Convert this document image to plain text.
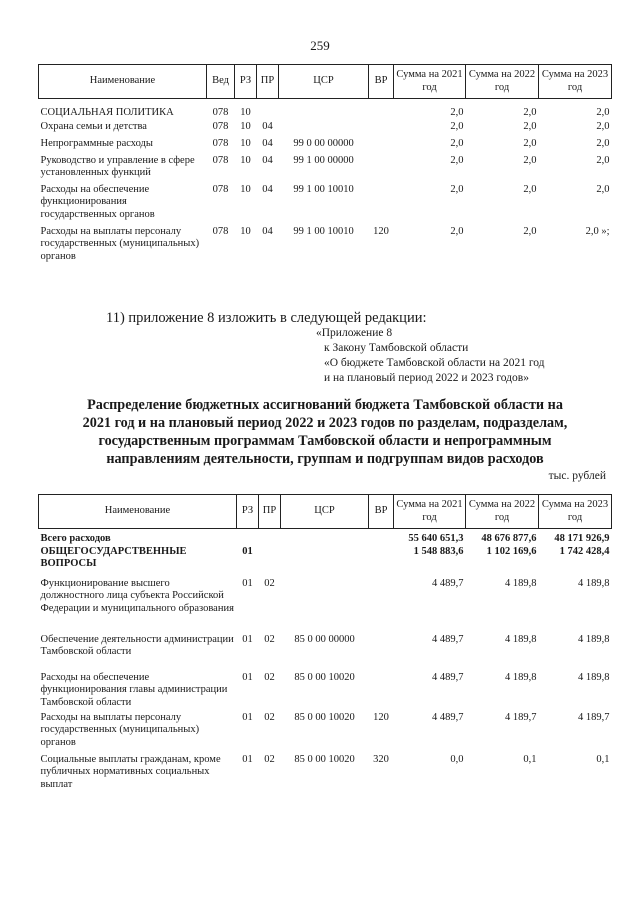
259
Наименование	Вед	РЗ	ПР	ЦСР	ВР	Сумма на 2021 год	Сумма на 2022 год	Сумма на 2023 год
СОЦИАЛЬНАЯ ПОЛИТИКА	078	10				2,0	2,0	2,0
Охрана семьи и детства	078	10	04			2,0	2,0	2,0
Непрограммные расходы	078	10	04	99 0 00 00000		2,0	2,0	2,0
Руководство и управление в сфере установленных функций	078	10	04	99 1 00 00000		2,0	2,0	2,0
Расходы на обеспечение функционирования государственных органов	078	10	04	99 1 00 10010		2,0	2,0	2,0
Расходы на выплаты персоналу государственных (муниципальных) органов	078	10	04	99 1 00 10010	120	2,0	2,0	2,0 »;
11) приложение 8 изложить в следующей редакции:
«Приложение 8
к Закону Тамбовской области
«О бюджете Тамбовской области на 2021 год
и на плановый период 2022 и 2023 годов»
Распределение бюджетных ассигнований бюджета Тамбовской области на
2021 год и на плановый период 2022 и 2023 годов по разделам, подразделам,
государственным программам Тамбовской области и непрограммным
направлениям деятельности, группам и подгруппам видов расходов
тыс. рублей
Наименование	РЗ	ПР	ЦСР	ВР	Сумма на 2021 год	Сумма на 2022 год	Сумма на 2023 год
Всего расходов					55 640 651,3	48 676 877,6	48 171 926,9
ОБЩЕГОСУДАРСТВЕННЫЕ ВОПРОСЫ	01				1 548 883,6	1 102 169,6	1 742 428,4
Функционирование высшего должностного лица субъекта Российской Федерации и муниципального образования	01	02			4 489,7	4 189,8	4 189,8
Обеспечение деятельности администрации Тамбовской области	01	02	85 0 00 00000		4 489,7	4 189,8	4 189,8
Расходы на обеспечение функционирования главы администрации Тамбовской области	01	02	85 0 00 10020		4 489,7	4 189,8	4 189,8
Расходы на выплаты персоналу государственных (муниципальных) органов	01	02	85 0 00 10020	120	4 489,7	4 189,7	4 189,7
Социальные выплаты гражданам, кроме публичных нормативных социальных выплат	01	02	85 0 00 10020	320	0,0	0,1	0,1
